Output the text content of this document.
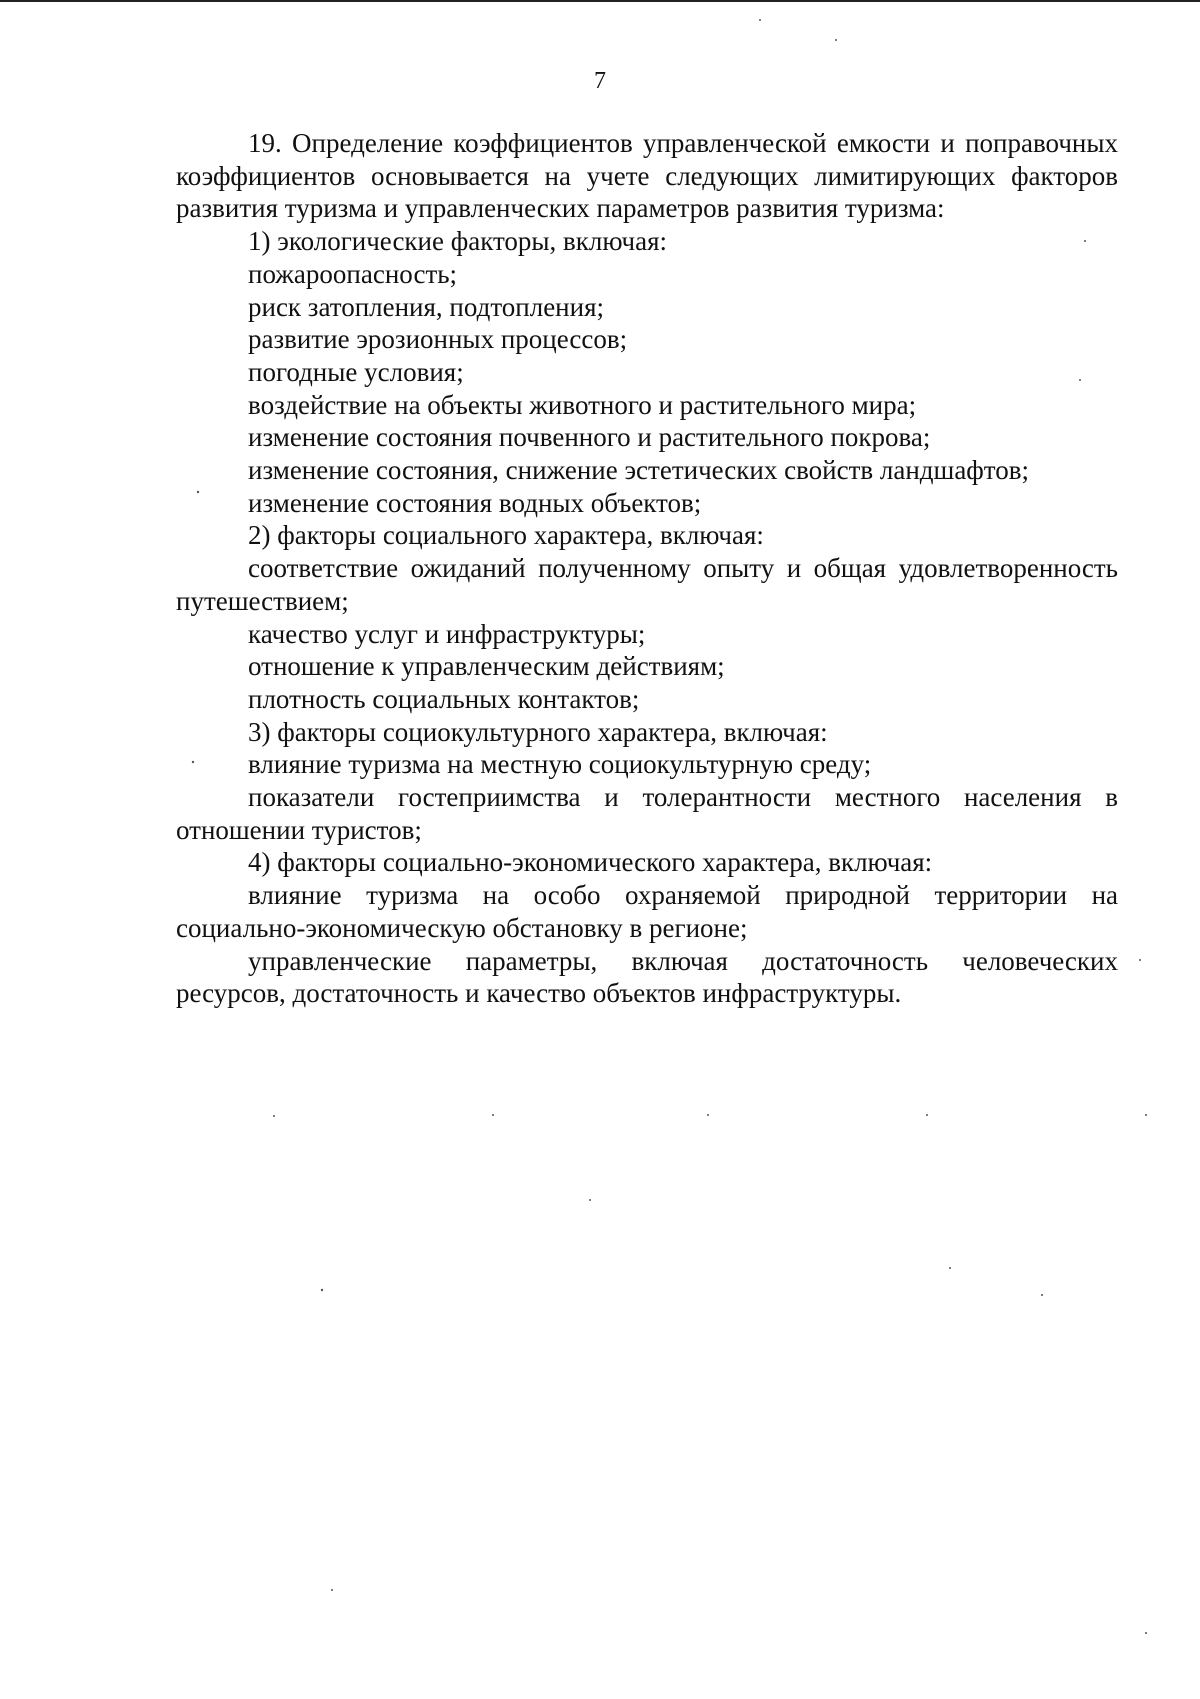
7

19. Определение коэффициентов управленческой емкости и поправочных коэффициентов основывается на учете следующих лимитирующих факторов развития туризма и управленческих параметров развития туризма:

1) экологические факторы, включая:

пожароопасность;

риск затопления, подтопления;

развитие эрозионных процессов;

погодные условия;

воздействие на объекты животного и растительного мира;

изменение состояния почвенного и растительного покрова;

изменение состояния, снижение эстетических свойств ландшафтов;

изменение состояния водных объектов;

2) факторы социального характера, включая:

соответствие ожиданий полученному опыту и общая удовлетворенность путешествием;

качество услуг и инфраструктуры;

отношение к управленческим действиям;

плотность социальных контактов;

3) факторы социокультурного характера, включая:

влияние туризма на местную социокультурную среду;

показатели гостеприимства и толерантности местного населения в отношении туристов;

4) факторы социально-экономического характера, включая:

влияние туризма на особо охраняемой природной территории на социально-экономическую обстановку в регионе;

управленческие параметры, включая достаточность человеческих ресурсов, достаточность и качество объектов инфраструктуры.
